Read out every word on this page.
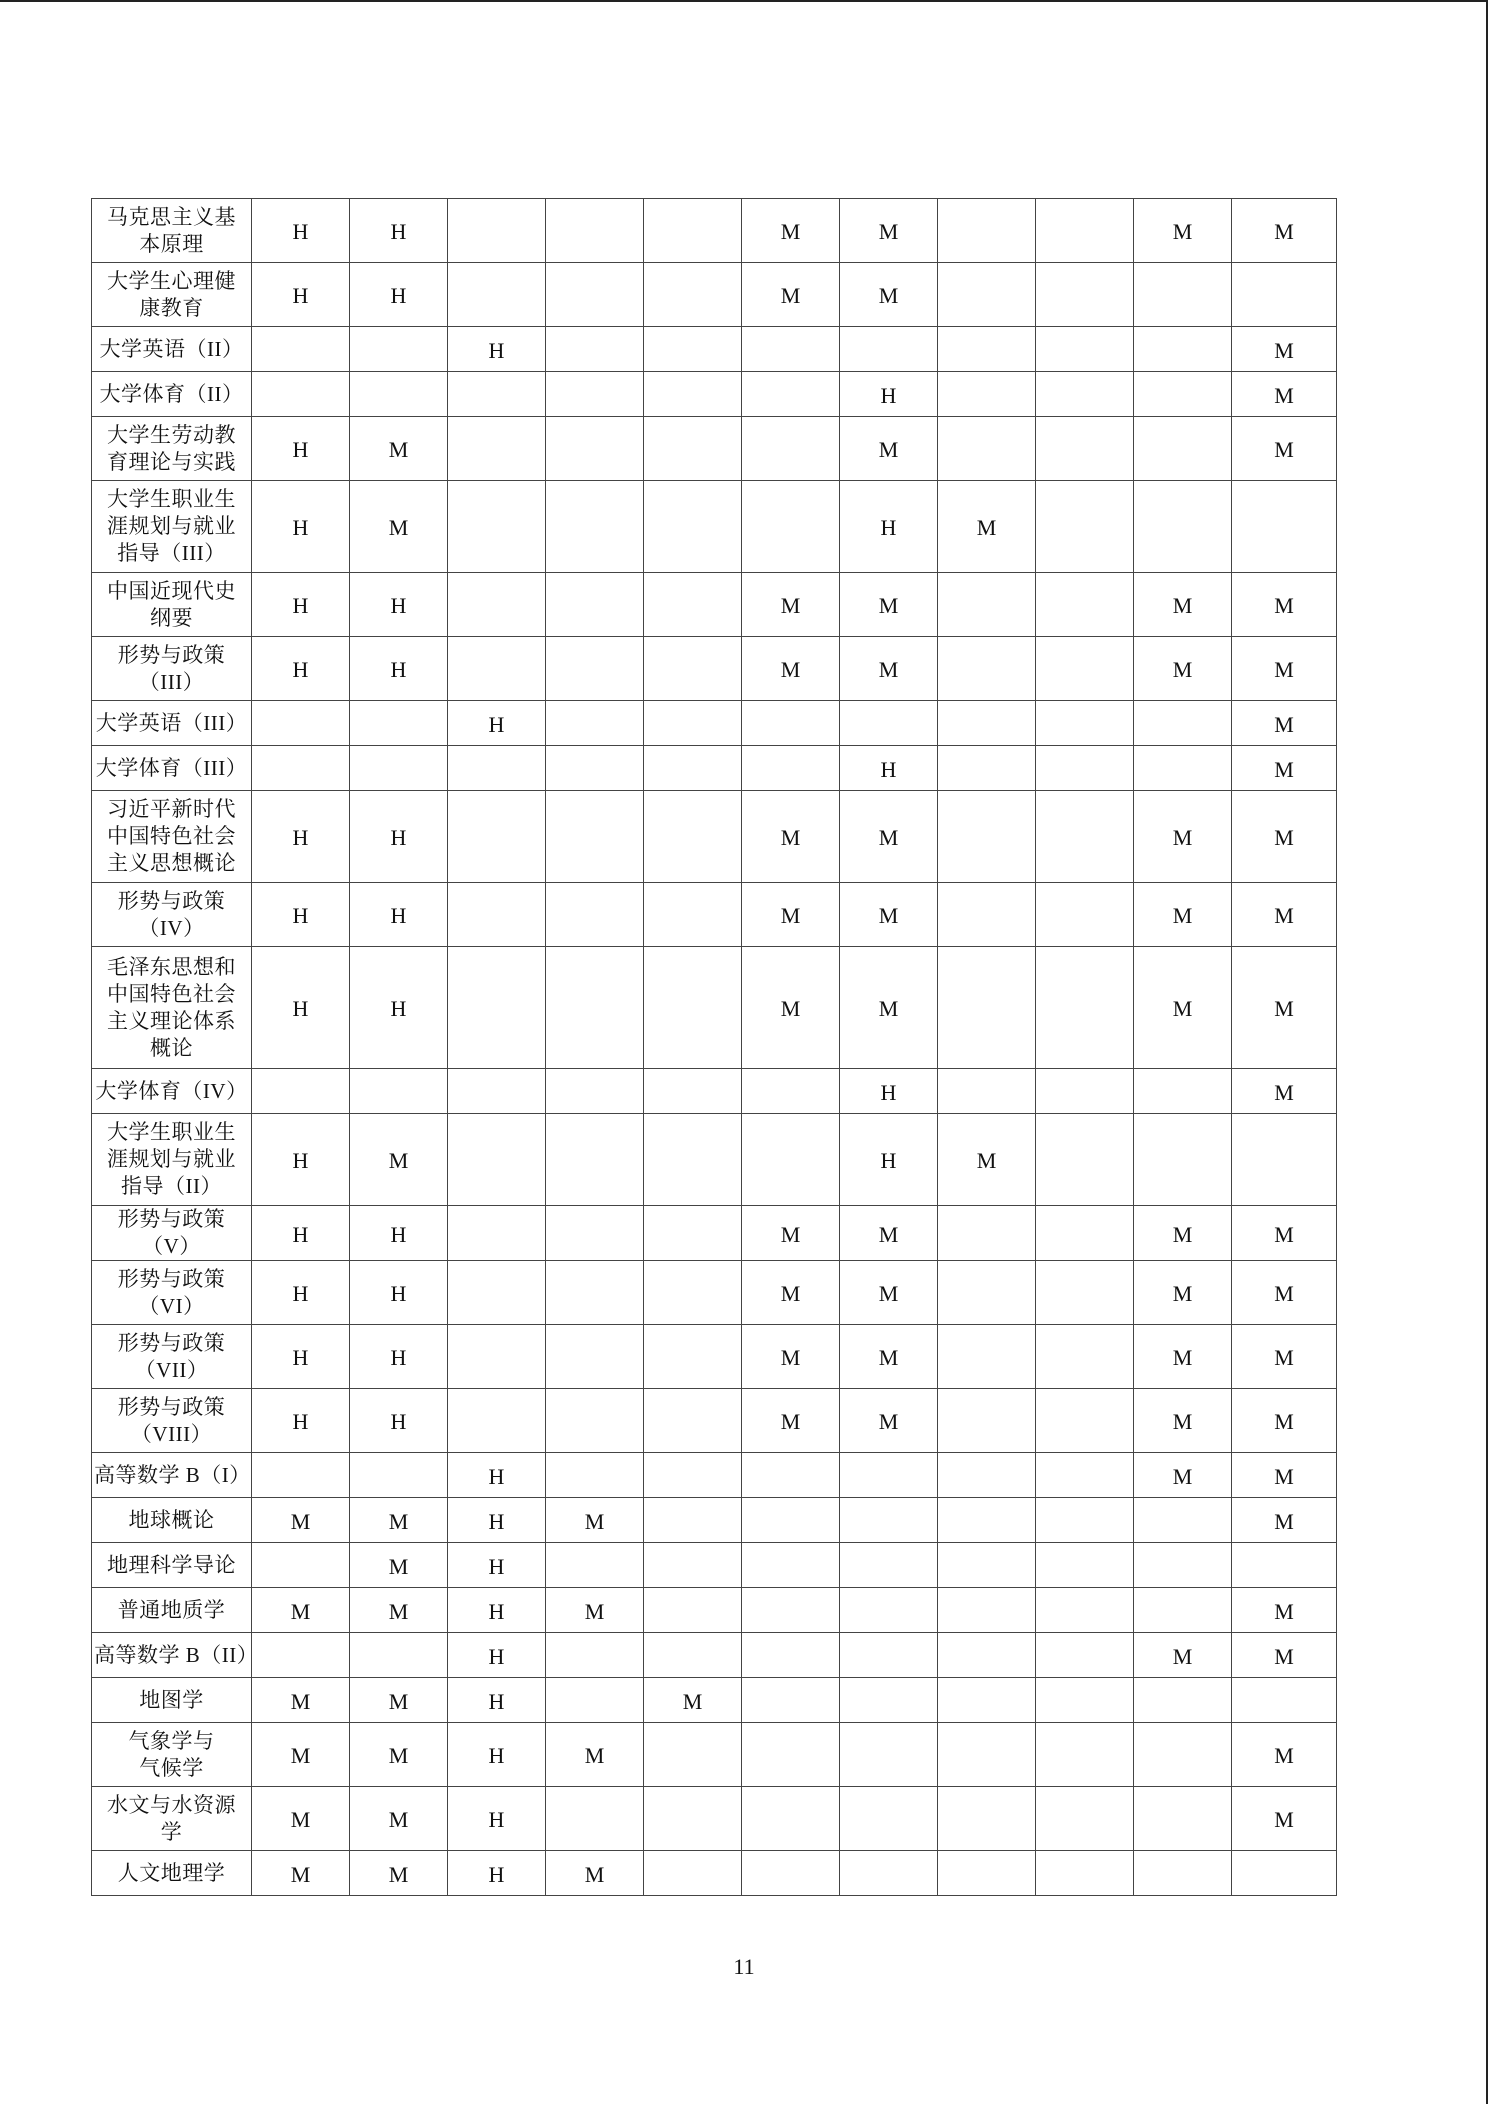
马克思主义基
本原理	H	H				M	M			M	M
大学生心理健
康教育	H	H				M	M				
大学英语（II）			H								M
大学体育（II）							H				M
大学生劳动教
育理论与实践	H	M					M				M
大学生职业生
涯规划与就业
指导（III）	H	M					H	M			
中国近现代史
纲要	H	H				M	M			M	M
形势与政策
（III）	H	H				M	M			M	M
大学英语（III）			H								M
大学体育（III）							H				M
习近平新时代
中国特色社会
主义思想概论	H	H				M	M			M	M
形势与政策
（IV）	H	H				M	M			M	M
毛泽东思想和
中国特色社会
主义理论体系
概论	H	H				M	M			M	M
大学体育（IV）							H				M
大学生职业生
涯规划与就业
指导（II）	H	M					H	M			
形势与政策（V）	H	H				M	M			M	M
形势与政策
（VI）	H	H				M	M			M	M
形势与政策
（VII）	H	H				M	M			M	M
形势与政策
（VIII）	H	H				M	M			M	M
高等数学 B（I）			H							M	M
地球概论	M	M	H	M							M
地理科学导论		M	H								
普通地质学	M	M	H	M							M
高等数学 B（II）			H							M	M
地图学	M	M	H		M						
气象学与
气候学	M	M	H	M							M
水文与水资源
学	M	M	H								M
人文地理学	M	M	H	M							
11
